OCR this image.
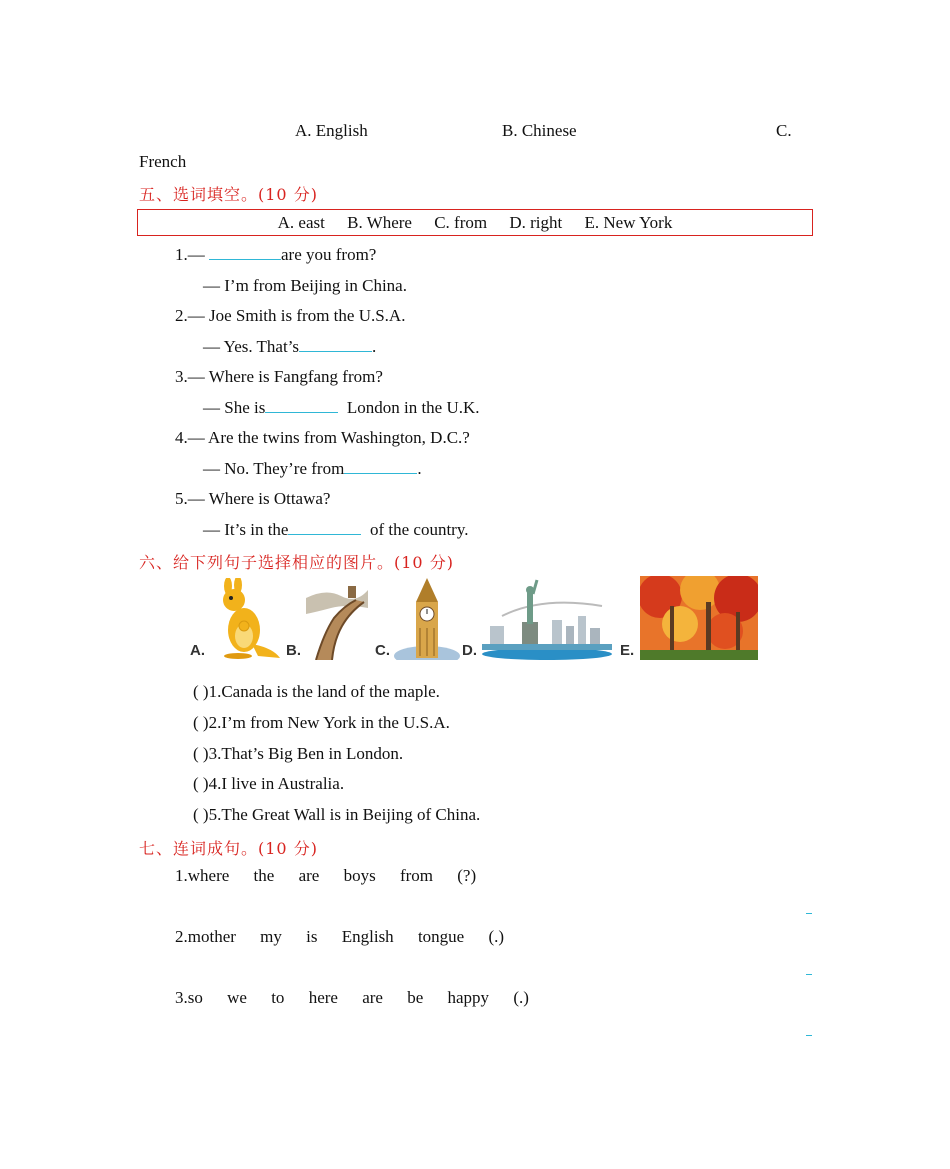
A. English	B. Chinese	C.
French
五、选词填空。(10 分)
A. east B. Where C. from D. right E. New York
1.—	are you from?
— I’m from Beijing in China.
2.— Joe Smith is from the U.S.A.
— Yes. That’s	.
3.— Where is Fangfang from?
— She is	London in the U.K.
4.— Are the twins from Washington, D.C.?
— No. They’re from	.
5.— Where is Ottawa?
— It’s in the	of the country.
六、给下列句子选择相应的图片。(10 分)
A.	B.	C.	D.	E.
( )1.Canada is the land of the maple.
( )2.I’m from New York in the U.S.A.
( )3.That’s Big Ben in London.
( )4.I live in Australia.
( )5.The Great Wall is in Beijing of China.
七、连词成句。(10 分)
1.where the are boys from (?)
2.mother my is English tongue (.)
3.so we to here are be happy (.)
